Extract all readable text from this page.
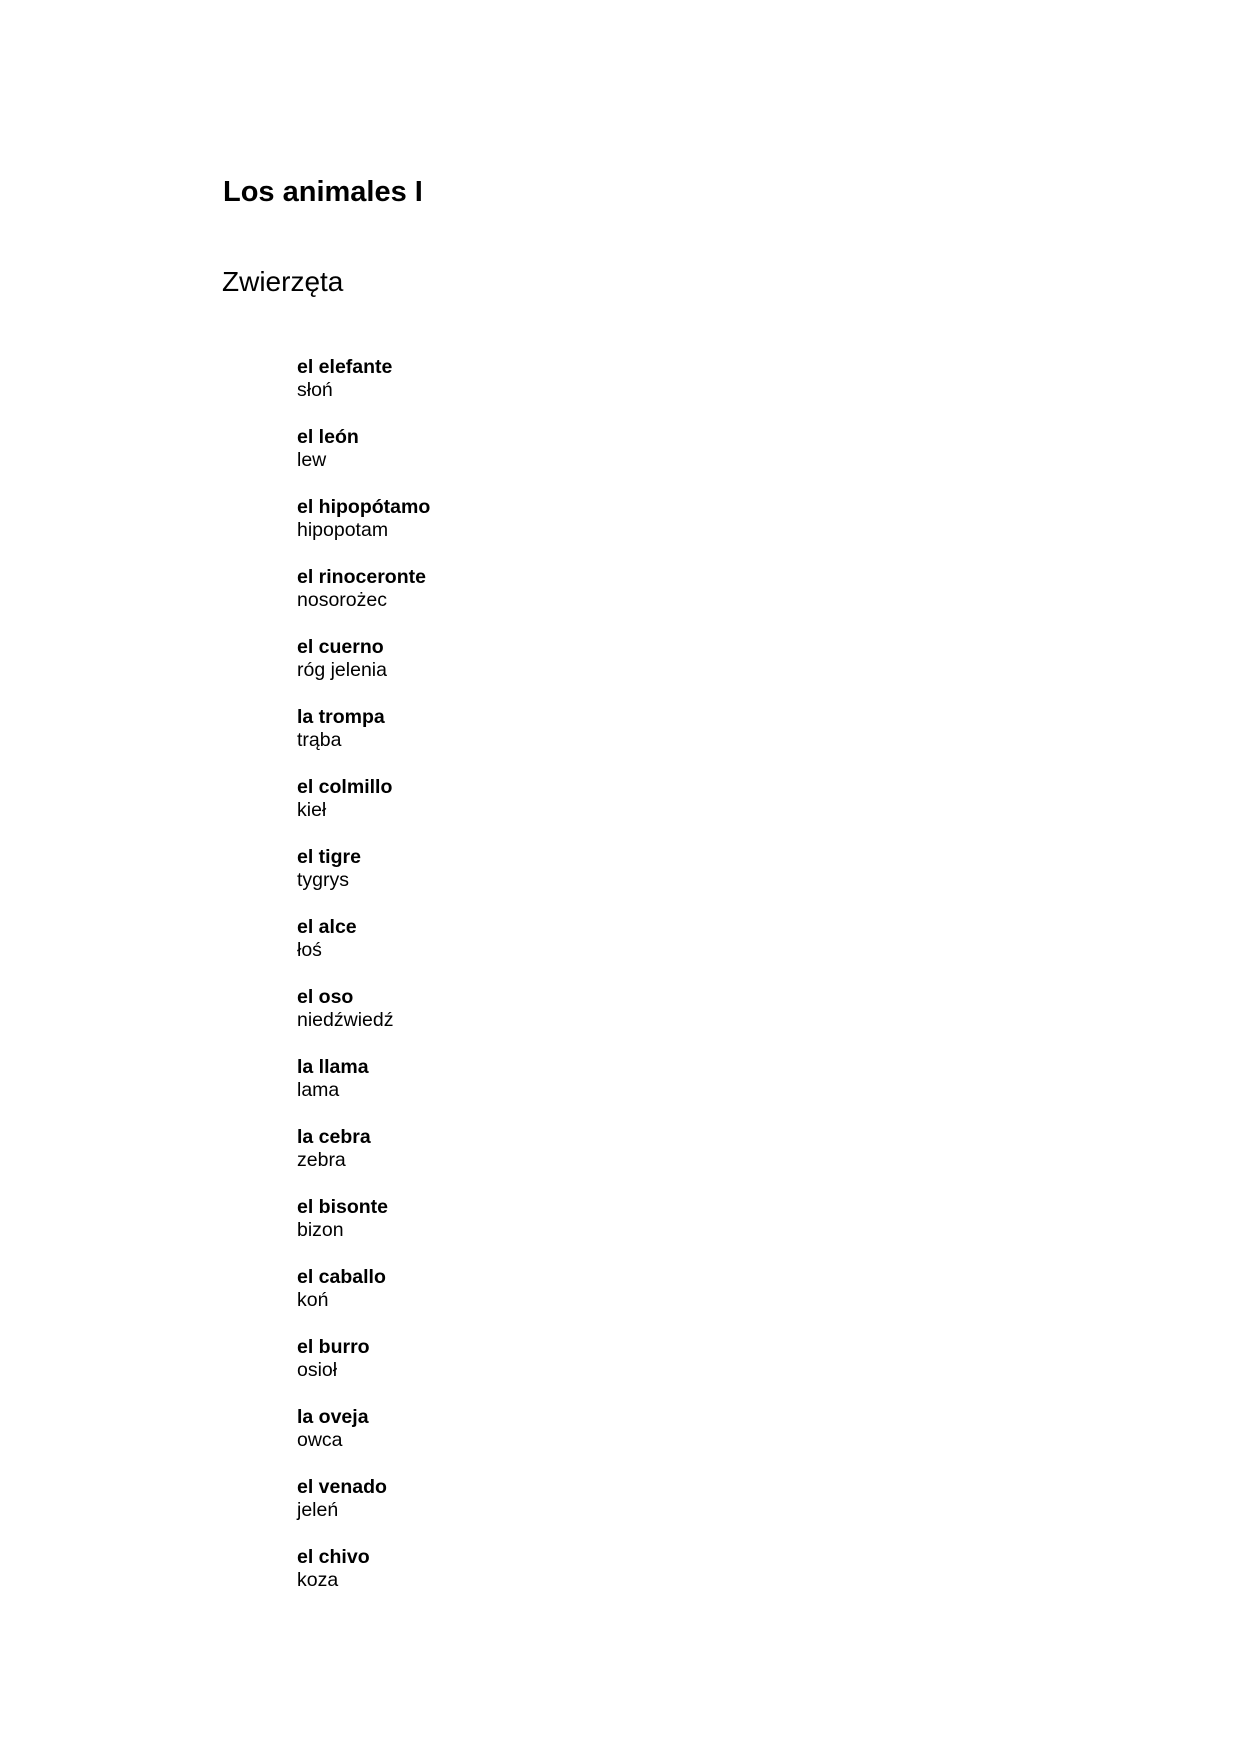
Los animales I
Zwierzęta
el elefante
słoń
el león
lew
el hipopótamo
hipopotam
el rinoceronte
nosorożec
el cuerno
róg jelenia
la trompa
trąba
el colmillo
kieł
el tigre
tygrys
el alce
łoś
el oso
niedźwiedź
la llama
lama
la cebra
zebra
el bisonte
bizon
el caballo
koń
el burro
osioł
la oveja
owca
el venado
jeleń
el chivo
koza
